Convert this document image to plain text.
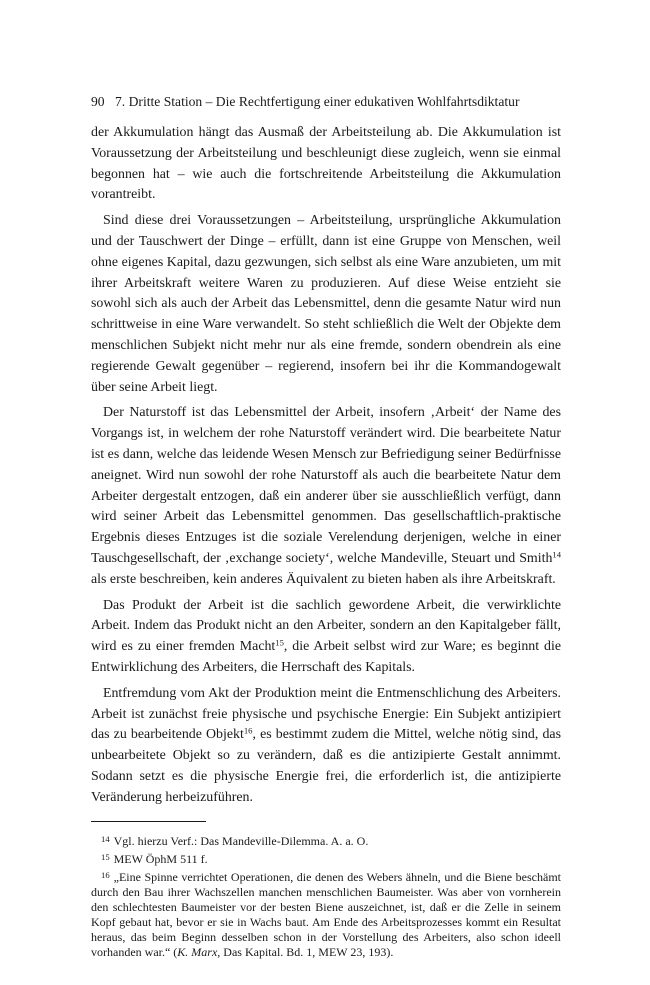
90 7. Dritte Station – Die Rechtfertigung einer edukativen Wohlfahrtsdiktatur

der Akkumulation hängt das Ausmaß der Arbeitsteilung ab. Die Akkumulation ist Voraussetzung der Arbeitsteilung und beschleunigt diese zugleich, wenn sie einmal begonnen hat – wie auch die fortschreitende Arbeitsteilung die Akkumulation vorantreibt.

Sind diese drei Voraussetzungen – Arbeitsteilung, ursprüngliche Akkumulation und der Tauschwert der Dinge – erfüllt, dann ist eine Gruppe von Menschen, weil ohne eigenes Kapital, dazu gezwungen, sich selbst als eine Ware anzubieten, um mit ihrer Arbeitskraft weitere Waren zu produzieren. Auf diese Weise entzieht sie sowohl sich als auch der Arbeit das Lebensmittel, denn die gesamte Natur wird nun schrittweise in eine Ware verwandelt. So steht schließlich die Welt der Objekte dem menschlichen Subjekt nicht mehr nur als eine fremde, sondern obendrein als eine regierende Gewalt gegenüber – regierend, insofern bei ihr die Kommandogewalt über seine Arbeit liegt.

Der Naturstoff ist das Lebensmittel der Arbeit, insofern ‚Arbeit‘ der Name des Vorgangs ist, in welchem der rohe Naturstoff verändert wird. Die bearbeitete Natur ist es dann, welche das leidende Wesen Mensch zur Befriedigung seiner Bedürfnisse aneignet. Wird nun sowohl der rohe Naturstoff als auch die bearbeitete Natur dem Arbeiter dergestalt entzogen, daß ein anderer über sie ausschließlich verfügt, dann wird seiner Arbeit das Lebensmittel genommen. Das gesellschaftlich-praktische Ergebnis dieses Entzuges ist die soziale Verelendung derjenigen, welche in einer Tauschgesellschaft, der ‚exchange society‘, welche Mandeville, Steuart und Smith$^{14}$ als erste beschreiben, kein anderes Äquivalent zu bieten haben als ihre Arbeitskraft.

Das Produkt der Arbeit ist die sachlich gewordene Arbeit, die verwirklichte Arbeit. Indem das Produkt nicht an den Arbeiter, sondern an den Kapitalgeber fällt, wird es zu einer fremden Macht$^{15}$, die Arbeit selbst wird zur Ware; es beginnt die Entwirklichung des Arbeiters, die Herrschaft des Kapitals.

Entfremdung vom Akt der Produktion meint die Entmenschlichung des Arbeiters. Arbeit ist zunächst freie physische und psychische Energie: Ein Subjekt antizipiert das zu bearbeitende Objekt$^{16}$, es bestimmt zudem die Mittel, welche nötig sind, das unbearbeitete Objekt so zu verändern, daß es die antizipierte Gestalt annimmt. Sodann setzt es die physische Energie frei, die erforderlich ist, die antizipierte Veränderung herbeizuführen.

$^{14}$ Vgl. hierzu Verf.: Das Mandeville-Dilemma. A. a. O.
$^{15}$ MEW ÖphM 511 f.
$^{16}$ „Eine Spinne verrichtet Operationen, die denen des Webers ähneln, und die Biene beschämt durch den Bau ihrer Wachszellen manchen menschlichen Baumeister. Was aber von vornherein den schlechtesten Baumeister vor der besten Biene auszeichnet, ist, daß er die Zelle in seinem Kopf gebaut hat, bevor er sie in Wachs baut. Am Ende des Arbeitsprozesses kommt ein Resultat heraus, das beim Beginn desselben schon in der Vorstellung des Arbeiters, also schon ideell vorhanden war.“ (K. Marx, Das Kapital. Bd. 1, MEW 23, 193).
